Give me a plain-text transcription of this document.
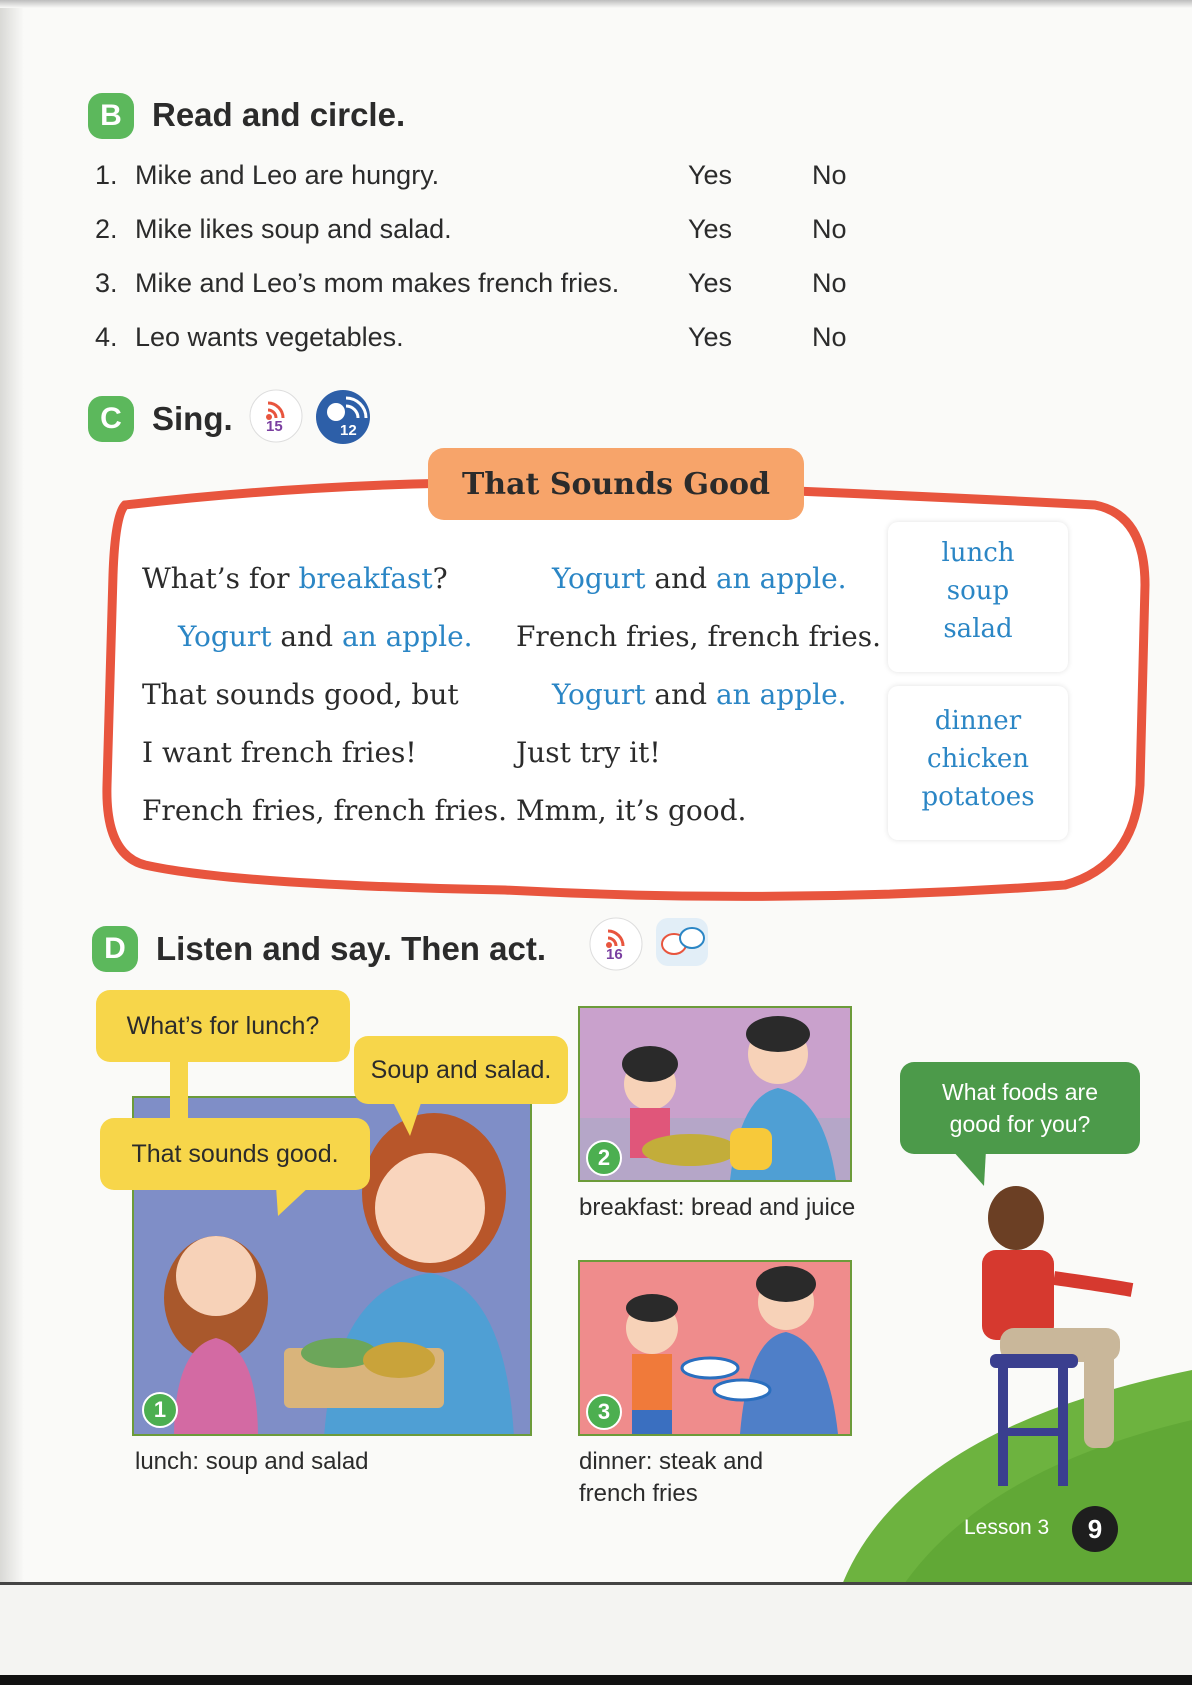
B Read and circle.
1. Mike and Leo are hungry.	Yes	No
2. Mike likes soup and salad.	Yes	No
3. Mike and Leo’s mom makes french fries.	Yes	No
4. Leo wants vegetables.	Yes	No
C Sing. 15	12
That Sounds Good
What’s for breakfast?
Yogurt and an apple.
That sounds good, but
I want french fries!
French fries, french fries.
Yogurt and an apple.
French fries, french fries.
Yogurt and an apple.
Just try it!
Mmm, it’s good.
lunch
soup
salad
dinner
chicken
potatoes
D Listen and say. Then act.	16
1
What’s for lunch?
Soup and salad.
That sounds good.
lunch: soup and salad
2
breakfast: bread and juice
3
dinner: steak and
french fries
What foods are
good for you?
Lesson 3	9
